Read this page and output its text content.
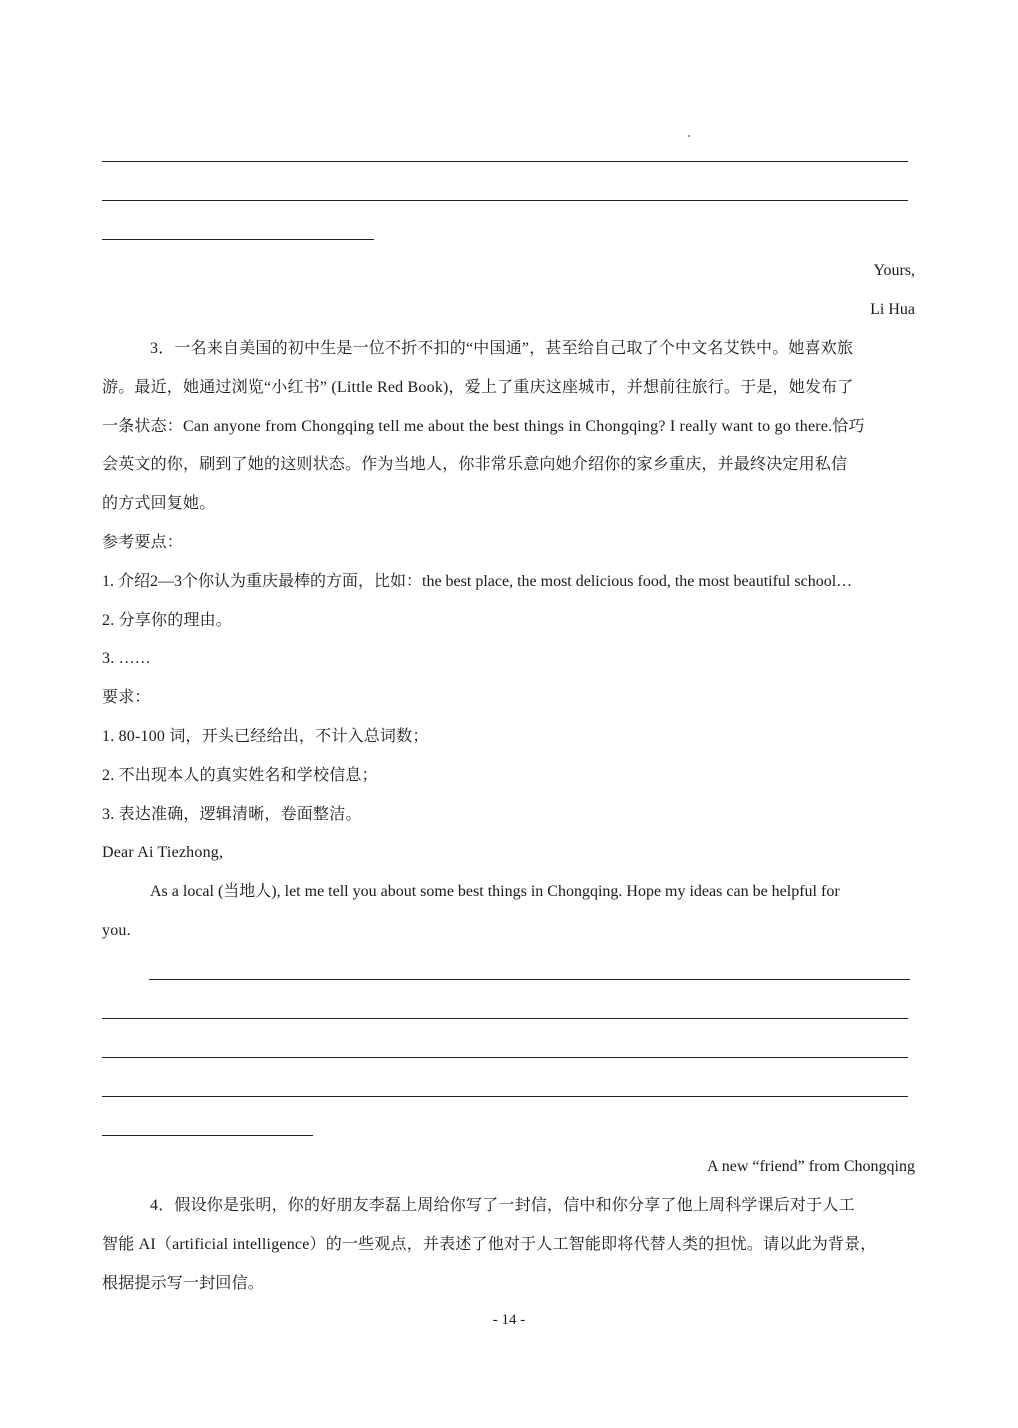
Yours,
Li Hua
3．一名来自美国的初中生是一位不折不扣的“中国通”，甚至给自己取了个中文名艾铁中。她喜欢旅
游。最近，她通过浏览“小红书” (Little Red Book)，爱上了重庆这座城市，并想前往旅行。于是，她发布了
一条状态：Can anyone from Chongqing tell me about the best things in Chongqing? I really want to go there.恰巧
会英文的你，刷到了她的这则状态。作为当地人，你非常乐意向她介绍你的家乡重庆，并最终决定用私信
的方式回复她。
参考要点：
1. 介绍2—3个你认为重庆最棒的方面，比如：the best place, the most delicious food, the most beautiful school…
2. 分享你的理由。
3. ……
要求：
1. 80-100 词，开头已经给出，不计入总词数；
2. 不出现本人的真实姓名和学校信息；
3. 表达准确，逻辑清晰，卷面整洁。
Dear Ai Tiezhong,
As a local (当地人), let me tell you about some best things in Chongqing. Hope my ideas can be helpful for
you.
A new “friend” from Chongqing
4．假设你是张明，你的好朋友李磊上周给你写了一封信，信中和你分享了他上周科学课后对于人工
智能 AI（artificial intelligence）的一些观点，并表述了他对于人工智能即将代替人类的担忧。请以此为背景，
根据提示写一封回信。
- 14 -
